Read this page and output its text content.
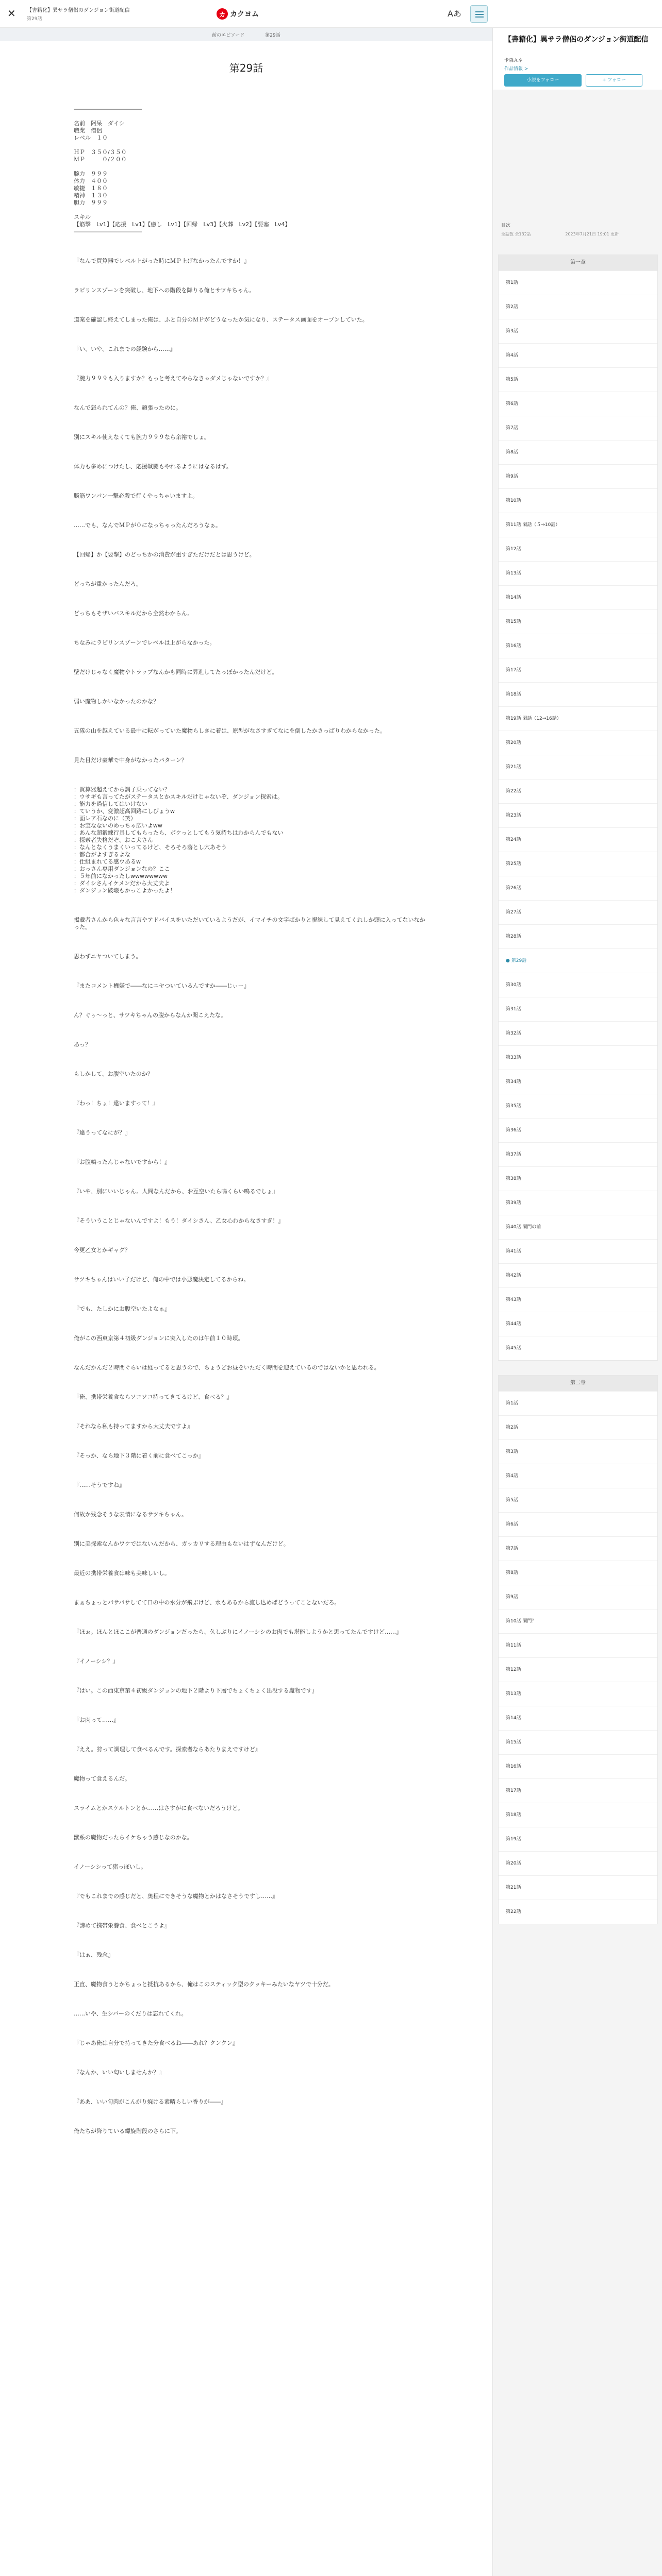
✕ 【書籍化】異サラ僧侶のダンジョン街道配信
第29話
カ カクヨム	Aあ
前のエピソード	第29話
第29話
――――――――――――

名前　阿呆　ダイシ
職業　僧侶
レベル　１０

ＨＰ　３５０/３５０
ＭＰ　　　０/２００

腕力　９９９
体力　４００
敏捷　１８０
精神　１３０
胆力　９９９

スキル
【筋撃　Lv1】【応援　Lv1】【癒し　Lv1】【回帰　Lv3】【火葬　Lv2】【要塞　Lv4】
――――――――――――
『なんで買算器でレベル上がった時にＭＰ上げなかったんですか！』
ラピリンスゾーンを突破し、地下への階段を降りる俺とサツキちゃん。
道案を確認し終えてしまった俺は、ふと自分のＭＰがどうなったか気になり、ステータス画面をオープンしていた。
『い、いや、これまでの経験から……』
『腕力９９９も入りますか？もっと考えてやらなきゃダメじゃないですか？』
なんで怒られてんの？俺、頑張ったのに。
別にスキル使えなくても腕力９９９なら余裕でしょ。
体力も多めにつけたし、応援戦闘もやれるようにはなるはず。
脳筋ワンパン一撃必殺で行くやっちゃいますよ。
……でも、なんでＭＰが０になっちゃったんだろうなぁ。
【回帰】か【要撃】のどっちかの消費が重すぎただけだとは思うけど。
どっちが重かったんだろ。
どっちもそザいバスキルだから全然わからん。
ちなみにラピリンスゾーンでレベルは上がらなかった。
壁だけじゃなく魔物やトラップなんかも同時に昇進してたっぽかったんだけど。
弱い魔物しかいなかったのかな？
五隊の山を越えている最中に転がっていた魔物らしきに着は、原型がなさすぎてなにを倒したかさっぱりわからなかった。
見た目だけ豪華で中身がなかったパターン？
：買算器超えてから調子乗ってない？
：ウサギも言ってたがステータスとかスキルだけじゃないぞ、ダンジョン探索は。
：能力を過信してはいけない
：ていうか、変激超高回路にしびょうw
：面レア石なのに（笑）
：お宝なないのめっちゃ広いよww
：あんな超鍛練行具してもらったら、ボケっとしてもう気持ちはわからんでもない
：探索者失格だぞ、おこ犬さん
：なんとなくうまくいってるけど、そろそろ落とし穴あそう
：都合がよすぎるよな
：仕組まれてる感ウあるw
：おっさん専用ダンジョンなの？ここ
：５年前になかったしwwwwwwww
：ダイシさんイケメンだから大丈夫よ
：ダンジョン破壊もかっこよかったよ！
掲載者さんから色々な言言やアドバイスをいただいているようだが、イマイチの文字ばかりと視線して見えてくれしか頭に入ってないなかった。
思わずニヤついてしまう。
『またコメント機嫌で――なにニヤついているんですか――じぃー』
ん？ぐぅ～っと、サツキちゃんの腹からなんか聞こえたな。
あっ？
もしかして、お腹空いたのか？
『わっ！ちょ！違いますって！』
『違うってなにが？』
『お腹鳴ったんじゃないですから！』
『いや、別にいいじゃん。人間なんだから、お互空いたら鳴くらい鳴るでしょ』
『そういうことじゃないんですよ！もう！ダイシさん、乙女心わからなさすぎ！』
今更乙女とかギャグ？
サツキちゃんはいい子だけど、俺の中では小悪魔決定してるからね。
『でも、たしかにお腹空いたよなぁ』
俺がこの西東京第４初級ダンジョンに突入したのは午前１０時頃。
なんだかんだ２時間ぐらいは経ってると思うので、ちょうどお昼をいただく時間を迎えているのではないかと思われる。
『俺、携帯栄養食ならソコソコ持ってきてるけど、食べる？』
『それなら私も持ってますから大丈夫ですよ』
『そっか、なら地下３階に着く前に食べてこっか』
『……そうですね』
何故か残念そうな表情になるサツキちゃん。
別に美探索なんかワケではないんだから、ガッカリする理由もないはずなんだけど。
最近の携帯栄養食は味も美味しいし。
まぁちょっとパサパサしてて口の中の水分が飛ぶけど、水もあるから流し込めばどうってことないだろ。
『ほぉ。ほんとほここが普通のダンジョンだったら、久しぶりにイノーシシのお肉でも堪能しようかと思ってたんですけど……』
『イノーシシ？』
『はい。この西東京第４初級ダンジョンの地下２階より下層でちょくちょく出没する魔物です』
『お肉って……』
『ええ。狩って調理して食べるんです。探索者ならあたりまえですけど』
魔物って食えるんだ。
スライムとかスケルトンとか……はさすがに食べないだろうけど。
獣系の魔物だったらイケちゃう感じなのかな。
イノーシシって猪っぽいし。
『でもこれまでの感じだと、奥程にできそうな魔物とかはなさそうですし……』
『諦めて携帯栄養食、食べとこうよ』
『はぁ、残念』
正直、魔物食うとかちょっと抵抗あるから、俺はこのスティック型のクッキーみたいなヤツで十分だ。
……いや、生シバーのくだりは忘れてくれ。
『じゃあ俺は自分で持ってきた分食べるね――あれ？クンクン』
『なんか、いい匂いしませんか？』
『ああ、いい匂肉がこんがり焼ける素晴らしい香りが――』
俺たちが降りている螺旋階段のさらに下。
【書籍化】異サラ僧侶のダンジョン街道配信
卡森Ａネ
作品情報 >
小説をフォロー	+ フォロー
目次
全話数 全132話　　　　　　　　 2023年7月21日 19:01 更新
第一章
第1話
第2話
第3話
第4話
第5話
第6話
第7話
第8話
第9話
第10話
第11話 閑話（５→10話）
第12話
第13話
第14話
第15話
第16話
第17話
第18話
第19話 閑話（12→16話）
第20話
第21話
第22話
第23話
第24話
第25話
第26話
第27話
第28話
● 第29話
第30話
第31話
第32話
第33話
第34話
第35話
第36話
第37話
第38話
第39話
第40話 閑門の前
第41話
第42話
第43話
第44話
第45話
第二章
第1話
第2話
第3話
第4話
第5話
第6話
第7話
第8話
第9話
第10話 閑門？
第11話
第12話
第13話
第14話
第15話
第16話
第17話
第18話
第19話
第20話
第21話
第22話
